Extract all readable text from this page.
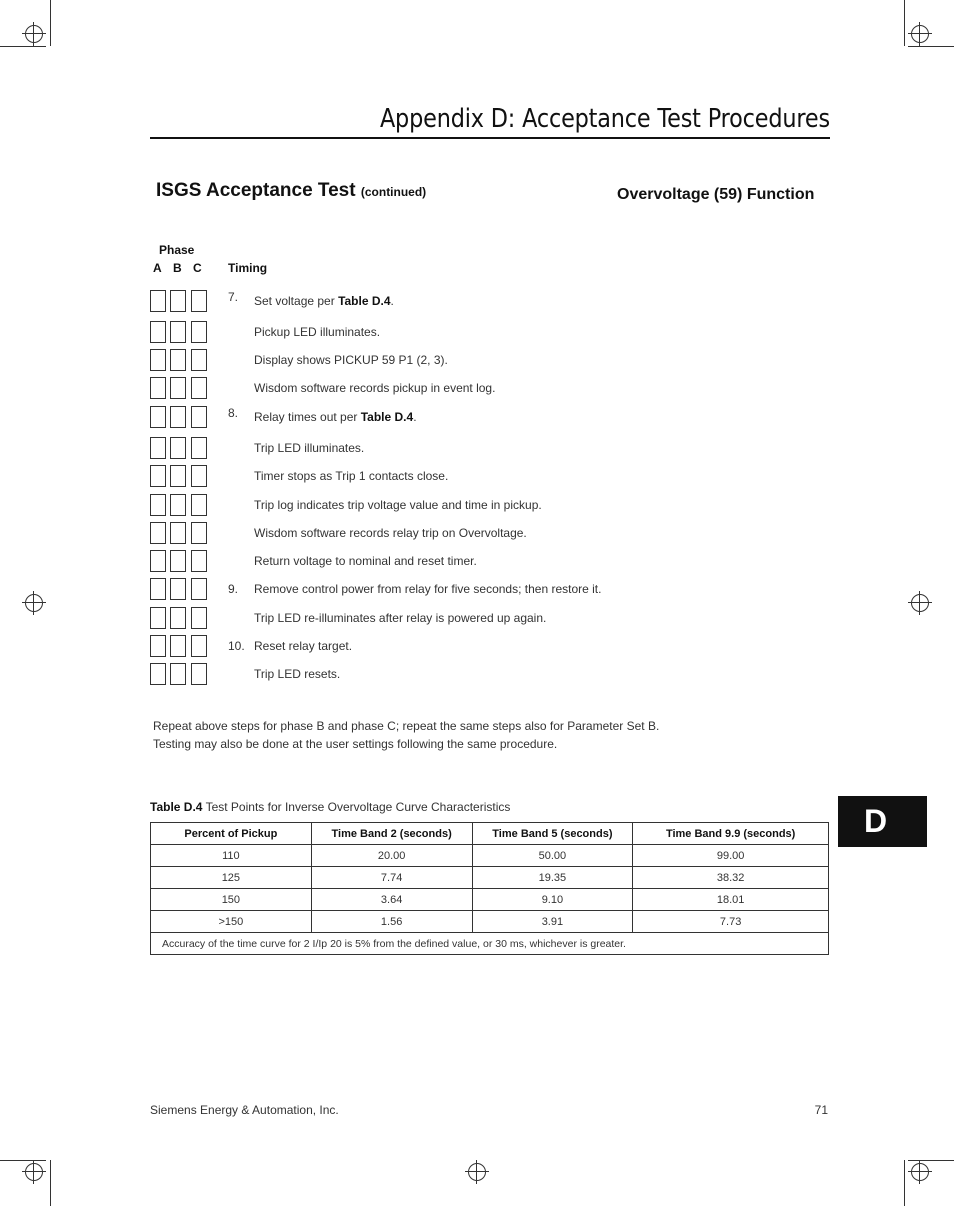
Appendix D: Acceptance Test Procedures
ISGS Acceptance Test (continued)	Overvoltage (59) Function
Phase
A B C Timing
7. Set voltage per Table D.4.
Pickup LED illuminates.
Display shows PICKUP 59 P1 (2, 3).
Wisdom software records pickup in event log.
8. Relay times out per Table D.4.
Trip LED illuminates.
Timer stops as Trip 1 contacts close.
Trip log indicates trip voltage value and time in pickup.
Wisdom software records relay trip on Overvoltage.
Return voltage to nominal and reset timer.
9. Remove control power from relay for five seconds; then restore it.
Trip LED re-illuminates after relay is powered up again.
10. Reset relay target.
Trip LED resets.
Repeat above steps for phase B and phase C; repeat the same steps also for Parameter Set B.
Testing may also be done at the user settings following the same procedure.
Table D.4 Test Points for Inverse Overvoltage Curve Characteristics
Percent of Pickup	Time Band 2 (seconds)	Time Band 5 (seconds)	Time Band 9.9 (seconds)
110	20.00	50.00	99.00
125	7.74	19.35	38.32
150	3.64	9.10	18.01
>150	1.56	3.91	7.73
Accuracy of the time curve for 2 I/Ip 20 is 5% from the defined value, or 30 ms, whichever is greater.			
D
Siemens Energy & Automation, Inc.	71
